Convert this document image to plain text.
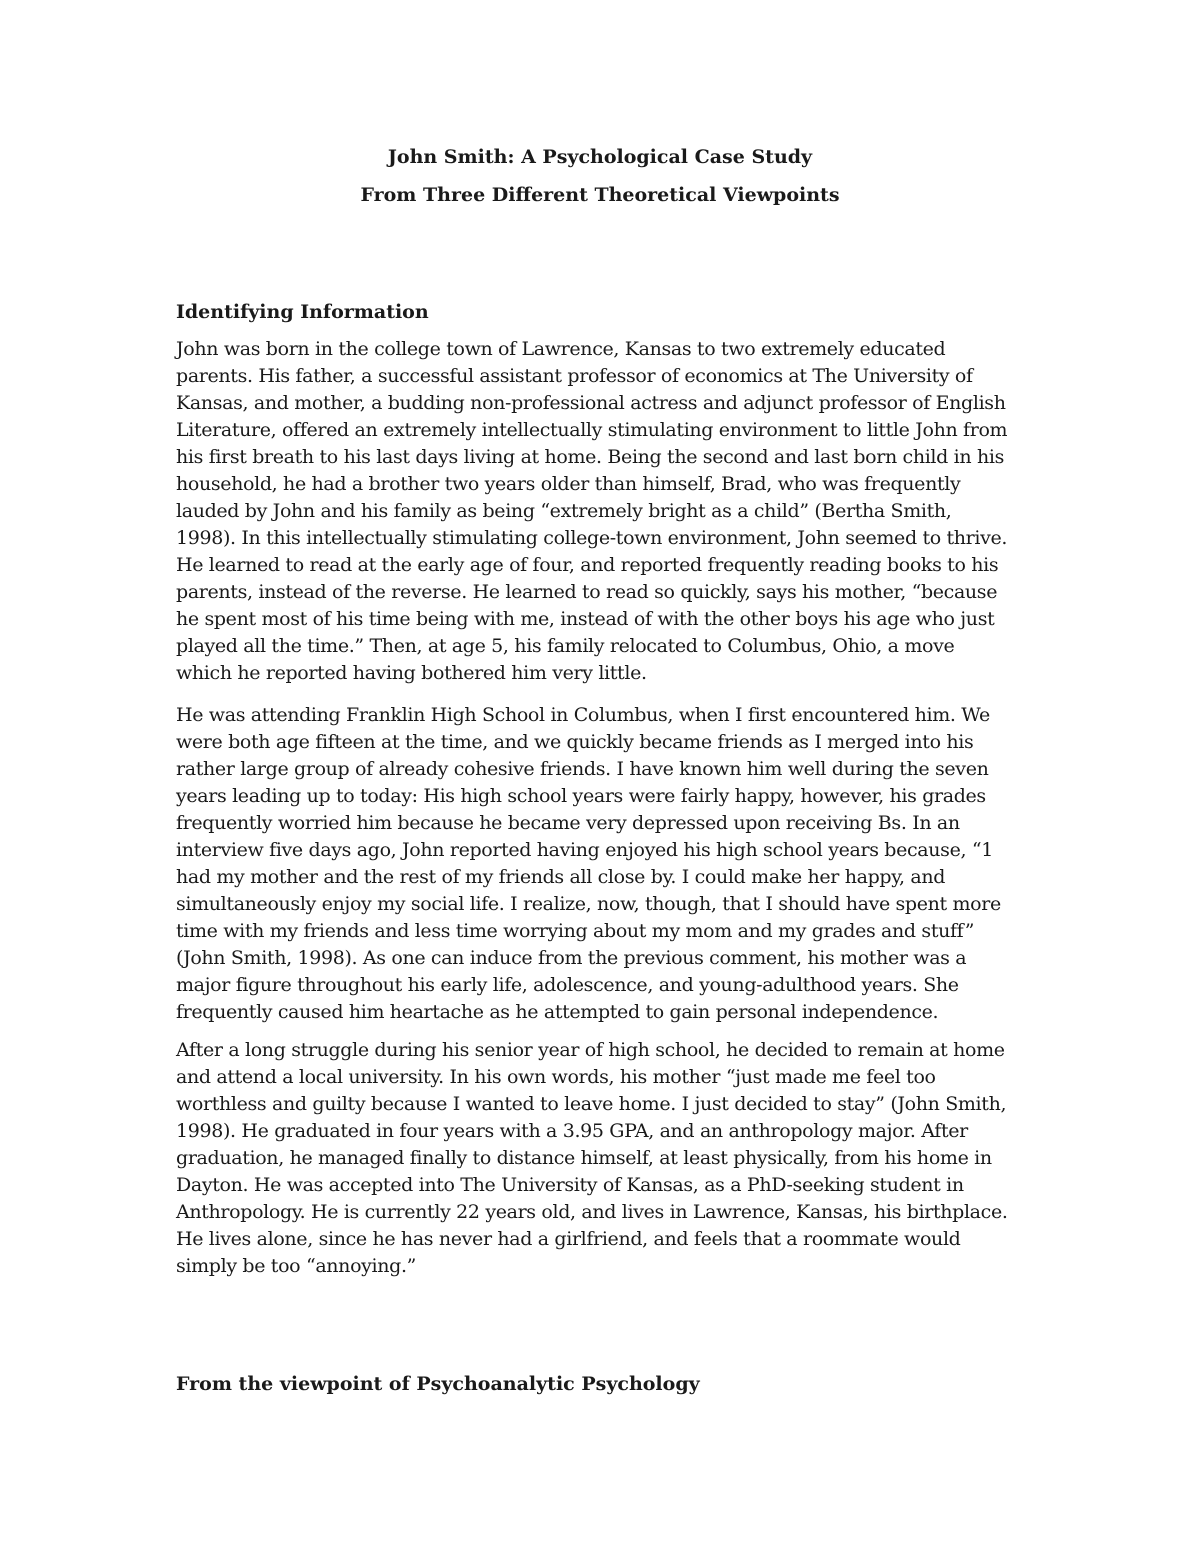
John Smith: A Psychological Case Study
From Three Different Theoretical Viewpoints
Identifying Information
John was born in the college town of Lawrence, Kansas to two extremely educated
parents. His father, a successful assistant professor of economics at The University of
Kansas, and mother, a budding non-professional actress and adjunct professor of English
Literature, offered an extremely intellectually stimulating environment to little John from
his first breath to his last days living at home. Being the second and last born child in his
household, he had a brother two years older than himself, Brad, who was frequently
lauded by John and his family as being “extremely bright as a child” (Bertha Smith,
1998). In this intellectually stimulating college-town environment, John seemed to thrive.
He learned to read at the early age of four, and reported frequently reading books to his
parents, instead of the reverse. He learned to read so quickly, says his mother, “because
he spent most of his time being with me, instead of with the other boys his age who just
played all the time.” Then, at age 5, his family relocated to Columbus, Ohio, a move
which he reported having bothered him very little.
He was attending Franklin High School in Columbus, when I first encountered him. We
were both age fifteen at the time, and we quickly became friends as I merged into his
rather large group of already cohesive friends. I have known him well during the seven
years leading up to today: His high school years were fairly happy, however, his grades
frequently worried him because he became very depressed upon receiving Bs. In an
interview five days ago, John reported having enjoyed his high school years because, “1
had my mother and the rest of my friends all close by. I could make her happy, and
simultaneously enjoy my social life. I realize, now, though, that I should have spent more
time with my friends and less time worrying about my mom and my grades and stuff”
(John Smith, 1998). As one can induce from the previous comment, his mother was a
major figure throughout his early life, adolescence, and young-adulthood years. She
frequently caused him heartache as he attempted to gain personal independence.
After a long struggle during his senior year of high school, he decided to remain at home
and attend a local university. In his own words, his mother “just made me feel too
worthless and guilty because I wanted to leave home. I just decided to stay” (John Smith,
1998). He graduated in four years with a 3.95 GPA, and an anthropology major. After
graduation, he managed finally to distance himself, at least physically, from his home in
Dayton. He was accepted into The University of Kansas, as a PhD-seeking student in
Anthropology. He is currently 22 years old, and lives in Lawrence, Kansas, his birthplace.
He lives alone, since he has never had a girlfriend, and feels that a roommate would
simply be too “annoying.”
From the viewpoint of Psychoanalytic Psychology
